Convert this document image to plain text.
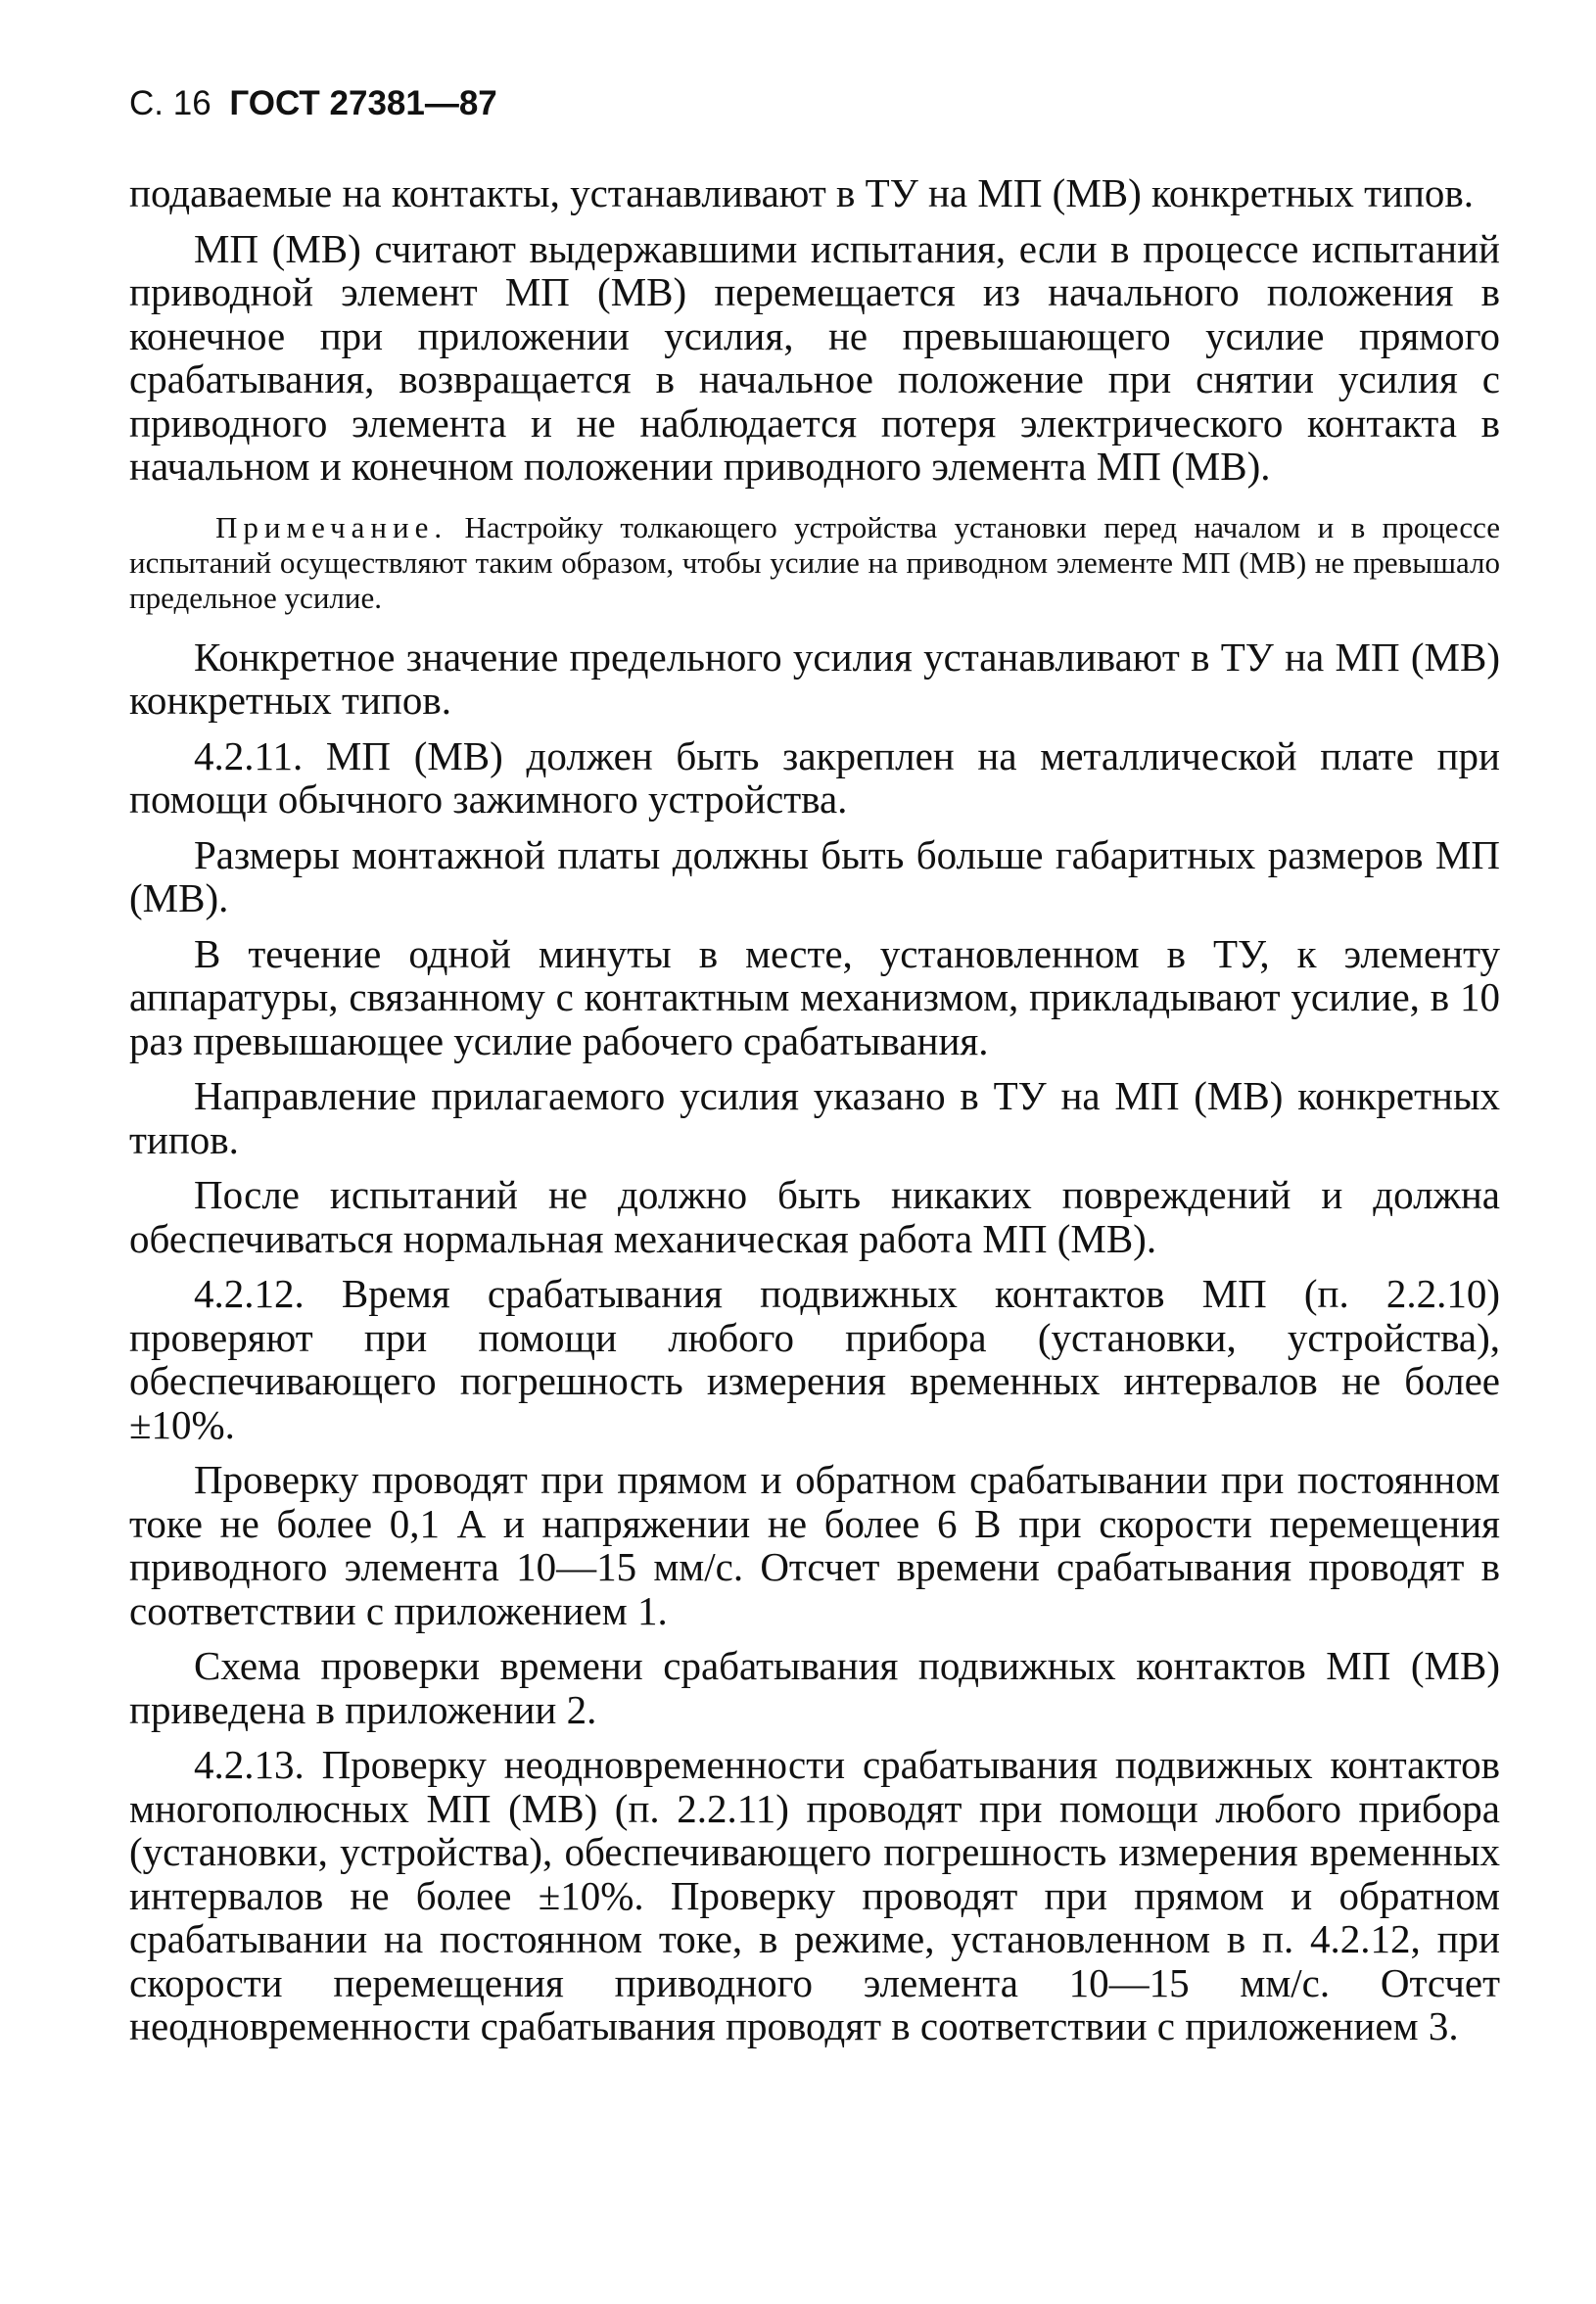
С. 16 ГОСТ 27381—87

подаваемые на контакты, устанавливают в ТУ на МП (МВ) конкретных типов.

МП (МВ) считают выдержавшими испытания, если в процессе испытаний приводной элемент МП (МВ) перемещается из начального положения в конечное при приложении усилия, не превышающего усилие прямого срабатывания, возвращается в начальное положение при снятии усилия с приводного элемента и не наблюдается потеря электрического контакта в начальном и конечном положении приводного элемента МП (МВ).

Примечание. Настройку толкающего устройства установки перед началом и в процессе испытаний осуществляют таким образом, чтобы усилие на приводном элементе МП (МВ) не превышало предельное усилие.

Конкретное значение предельного усилия устанавливают в ТУ на МП (МВ) конкретных типов.

4.2.11. МП (МВ) должен быть закреплен на металлической плате при помощи обычного зажимного устройства.

Размеры монтажной платы должны быть больше габаритных размеров МП (МВ).

В течение одной минуты в месте, установленном в ТУ, к элементу аппаратуры, связанному с контактным механизмом, прикладывают усилие, в 10 раз превышающее усилие рабочего срабатывания.

Направление прилагаемого усилия указано в ТУ на МП (МВ) конкретных типов.

После испытаний не должно быть никаких повреждений и должна обеспечиваться нормальная механическая работа МП (МВ).

4.2.12. Время срабатывания подвижных контактов МП (п. 2.2.10) проверяют при помощи любого прибора (установки, устройства), обеспечивающего погрешность измерения временных интервалов не более ±10%.

Проверку проводят при прямом и обратном срабатывании при постоянном токе не более 0,1 А и напряжении не более 6 В при скорости перемещения приводного элемента 10—15 мм/с. Отсчет времени срабатывания проводят в соответствии с приложением 1.

Схема проверки времени срабатывания подвижных контактов МП (МВ) приведена в приложении 2.

4.2.13. Проверку неодновременности срабатывания подвижных контактов многополюсных МП (МВ) (п. 2.2.11) проводят при помощи любого прибора (установки, устройства), обеспечивающего погрешность измерения временных интервалов не более ±10%. Проверку проводят при прямом и обратном срабатывании на постоянном токе, в режиме, установленном в п. 4.2.12, при скорости перемещения приводного элемента 10—15 мм/с. Отсчет неодновременности срабатывания проводят в соответствии с приложением 3.
